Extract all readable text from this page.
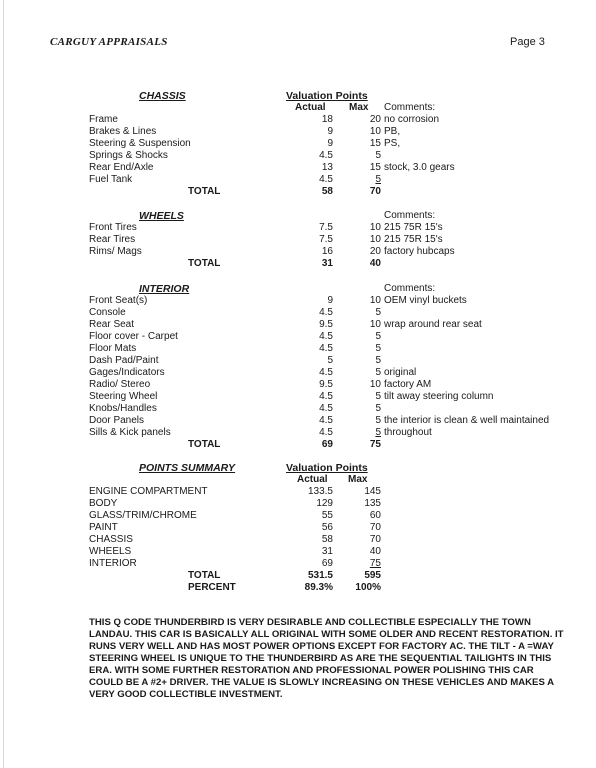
CARGUY APPRAISALS	Page 3
CHASSIS	Valuation Points
Actual Max Comments:
Frame	18	20 no corrosion
Brakes & Lines	9	10 PB,
Steering & Suspension	9	15 PS,
Springs & Shocks	4.5	5
Rear End/Axle	13	15 stock, 3.0 gears
Fuel Tank	4.5	5
TOTAL	58	70
WHEELS	Comments:
Front Tires	7.5	10 215 75R 15's
Rear Tires	7.5	10 215 75R 15's
Rims/ Mags	16	20 factory hubcaps
TOTAL	31	40
INTERIOR	Comments:
Front Seat(s)	9	10 OEM vinyl buckets
Console	4.5	5
Rear Seat	9.5	10 wrap around rear seat
Floor cover - Carpet	4.5	5
Floor Mats	4.5	5
Dash Pad/Paint	5	5
Gages/Indicators	4.5	5 original
Radio/ Stereo	9.5	10 factory AM
Steering Wheel	4.5	5 tilt away steering column
Knobs/Handles	4.5	5
Door Panels	4.5	5 the interior is clean & well maintained
Sills & Kick panels	4.5	5 throughout
TOTAL	69	75
POINTS SUMMARY	Valuation Points
Actual Max
ENGINE COMPARTMENT	133.5	145
BODY	129	135
GLASS/TRIM/CHROME	55	60
PAINT	56	70
CHASSIS	58	70
WHEELS	31	40
INTERIOR	69	75
TOTAL	531.5	595
PERCENT	89.3%	100%
THIS Q CODE THUNDERBIRD IS VERY DESIRABLE AND COLLECTIBLE ESPECIALLY THE TOWN LANDAU. THIS CAR IS BASICALLY ALL ORIGINAL WITH SOME OLDER AND RECENT RESTORATION. IT RUNS VERY WELL AND HAS MOST POWER OPTIONS EXCEPT FOR FACTORY AC. THE TILT - A =WAY STEERING WHEEL IS UNIQUE TO THE THUNDERBIRD AS ARE THE SEQUENTIAL TAILIGHTS IN THIS ERA. WITH SOME FURTHER RESTORATION AND PROFESSIONAL POWER POLISHING THIS CAR COULD BE A #2+ DRIVER. THE VALUE IS SLOWLY INCREASING ON THESE VEHICLES AND MAKES A VERY GOOD COLLECTIBLE INVESTMENT.
